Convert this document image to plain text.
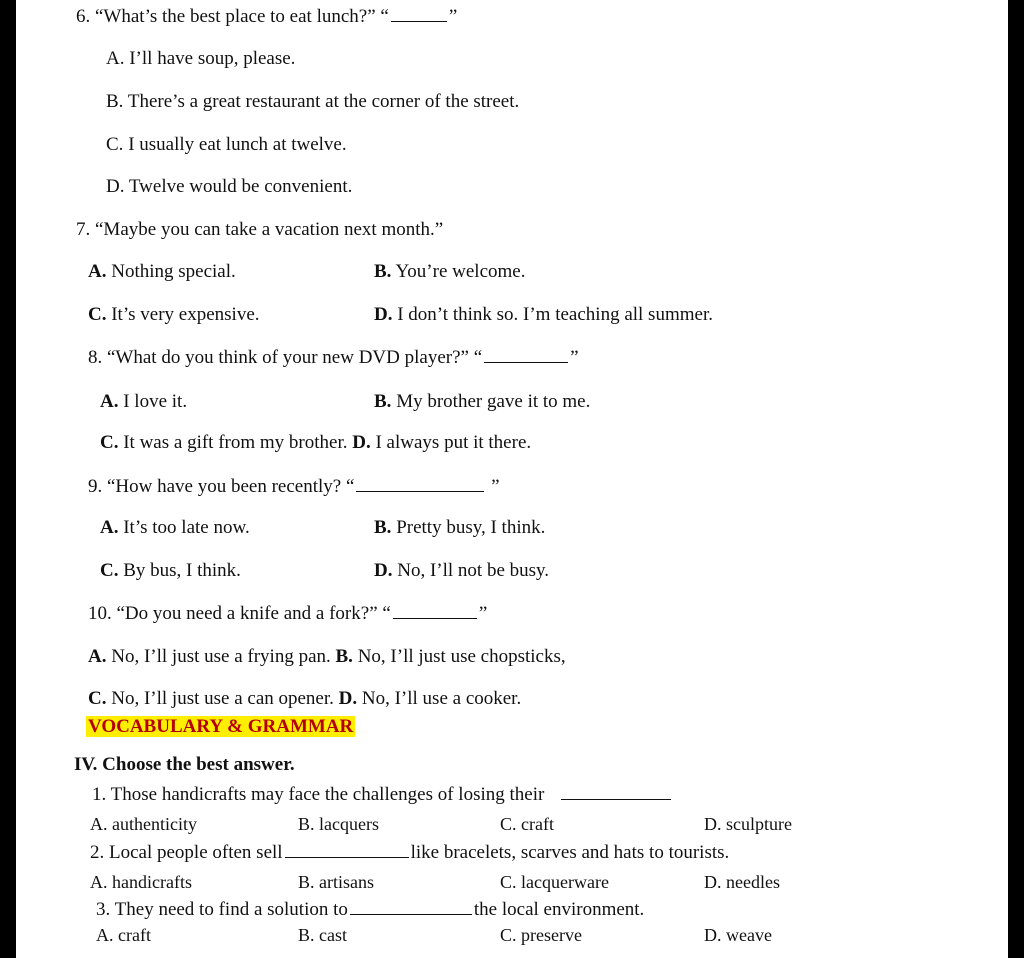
6. “What’s the best place to eat lunch?” “	”
A. I’ll have soup, please.
B. There’s a great restaurant at the corner of the street.
C. I usually eat lunch at twelve.
D. Twelve would be convenient.
7. “Maybe you can take a vacation next month.”
A. Nothing special.	B. You’re welcome.
C. It’s very expensive.	D. I don’t think so. I’m teaching all summer.
8. “What do you think of your new DVD player?” “	”
A. I love it.	B. My brother gave it to me.
C. It was a gift from my brother. D. I always put it there.
9. “How have you been recently? “	”
A. It’s too late now.	B. Pretty busy, I think.
C. By bus, I think.	D. No, I’ll not be busy.
10. “Do you need a knife and a fork?” “	”
A. No, I’ll just use a frying pan. B. No, I’ll just use chopsticks,
C. No, I’ll just use a can opener. D. No, I’ll use a cooker.
VOCABULARY & GRAMMAR
IV. Choose the best answer.
1. Those handicrafts may face the challenges of losing their
A. authenticity	B. lacquers	C. craft	D. sculpture
2. Local people often sell	like bracelets, scarves and hats to tourists.
A. handicrafts	B. artisans	C. lacquerware	D. needles
3. They need to find a solution to	the local environment.
A. craft	B. cast	C. preserve	D. weave
